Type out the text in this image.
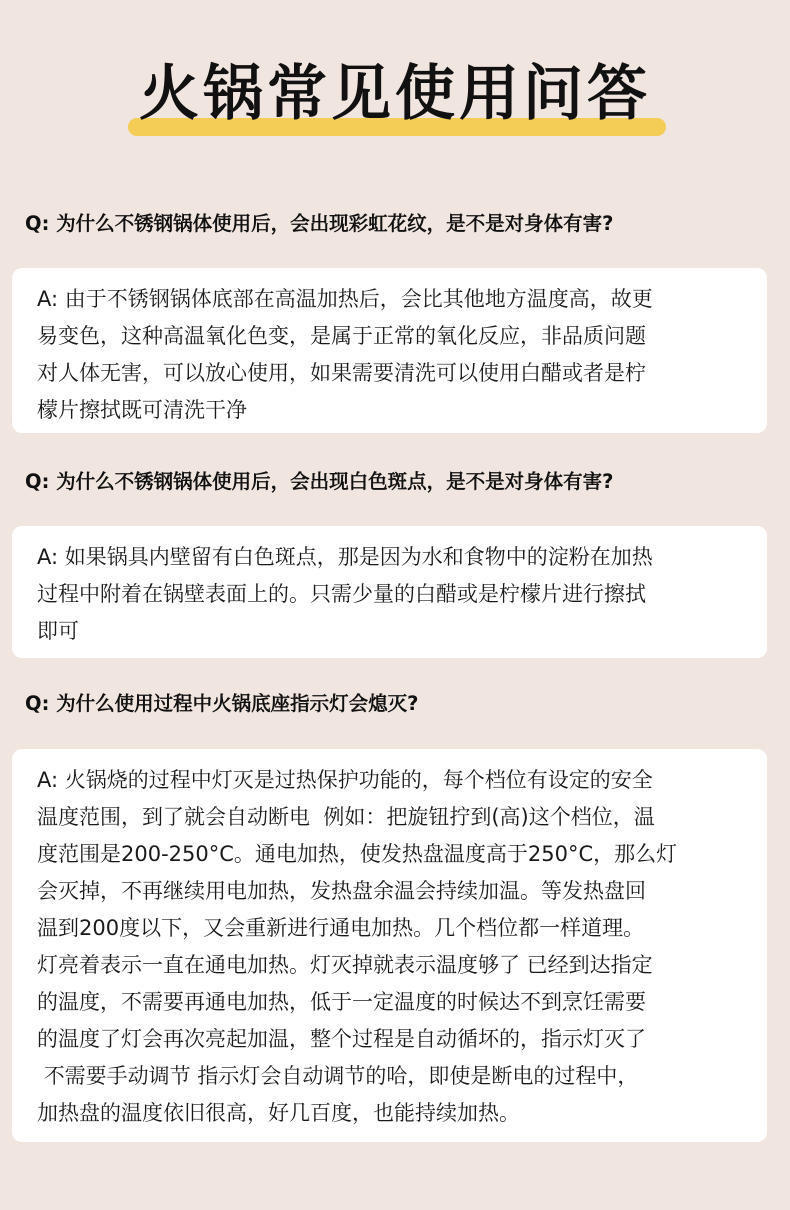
火锅常见使用问答
Q: 为什么不锈钢锅体使用后，会出现彩虹花纹，是不是对身体有害?

A: 由于不锈钢锅体底部在高温加热后，会比其他地方温度高，故更
易变色，这种高温氧化色变，是属于正常的氧化反应，非品质问题
对人体无害，可以放心使用，如果需要清洗可以使用白醋或者是柠
檬片擦拭既可清洗干净

Q: 为什么不锈钢锅体使用后，会出现白色斑点，是不是对身体有害?

A: 如果锅具内壁留有白色斑点，那是因为水和食物中的淀粉在加热
过程中附着在锅壁表面上的。只需少量的白醋或是柠檬片进行擦拭
即可

Q: 为什么使用过程中火锅底座指示灯会熄灭?

A: 火锅烧的过程中灯灭是过热保护功能的，每个档位有设定的安全
温度范围，到了就会自动断电  例如：把旋钮拧到(高)这个档位，温
度范围是200-250°C。通电加热，使发热盘温度高于250°C，那么灯
会灭掉，不再继续用电加热，发热盘余温会持续加温。等发热盘回
温到200度以下，又会重新进行通电加热。几个档位都一样道理。
灯亮着表示一直在通电加热。灯灭掉就表示温度够了 已经到达指定
的温度，不需要再通电加热，低于一定温度的时候达不到烹饪需要
的温度了灯会再次亮起加温，整个过程是自动循坏的，指示灯灭了
不需要手动调节 指示灯会自动调节的哈，即使是断电的过程中，
加热盘的温度依旧很高，好几百度，也能持续加热。
